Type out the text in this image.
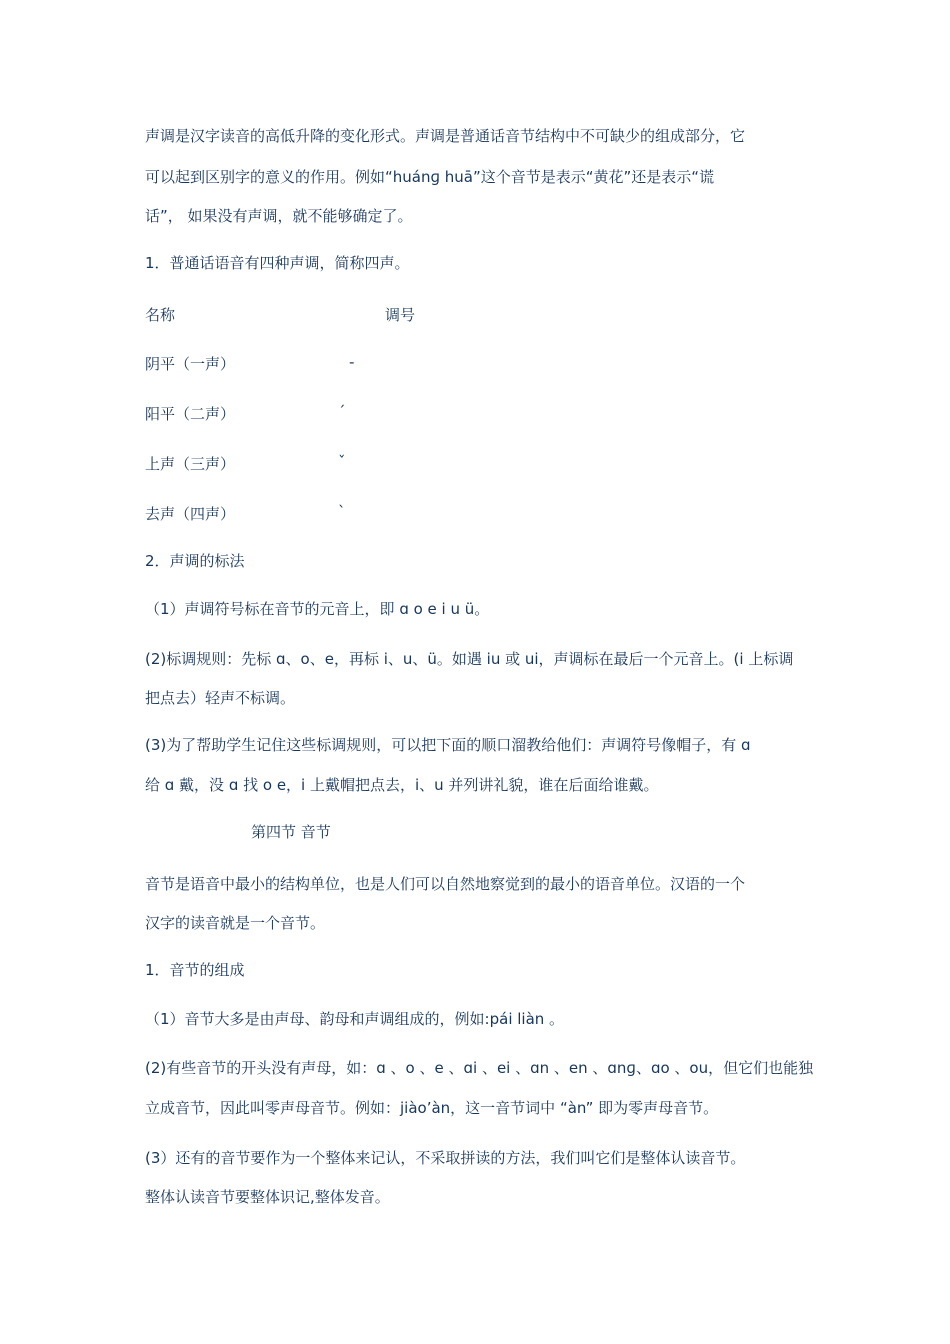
声调是汉字读音的高低升降的变化形式。声调是普通话音节结构中不可缺少的组成部分，它

可以起到区别字的意义的作用。例如“huánɡ huā”这个音节是表示“黄花”还是表示“谎

话”， 如果没有声调，就不能够确定了。

1．普通话语音有四种声调，简称四声。

名称	调号
阴平（一声）	-
阳平（二声）	ˊ
上声（三声）	ˇ
去声（四声）	ˋ

2．声调的标法

（1）声调符号标在音节的元音上，即 ɑ o e i u ü。

(2)标调规则：先标 ɑ、o、e，再标 i、u、ü。如遇 iu 或 ui，声调标在最后一个元音上。(i 上标调

把点去）轻声不标调。

(3)为了帮助学生记住这些标调规则，可以把下面的顺口溜教给他们：声调符号像帽子，有 ɑ

给 ɑ 戴，没 ɑ 找 o e，i 上戴帽把点去，i、u 并列讲礼貌，谁在后面给谁戴。

第四节 音节

音节是语音中最小的结构单位，也是人们可以自然地察觉到的最小的语音单位。汉语的一个

汉字的读音就是一个音节。

1．音节的组成

（1）音节大多是由声母、韵母和声调组成的，例如:pái liàn 。

(2)有些音节的开头没有声母，如：ɑ 、o 、e 、ɑi 、ei 、ɑn 、en 、ɑnɡ、ɑo 、ou，但它们也能独

立成音节，因此叫零声母音节。例如：jiào’àn，这一音节词中 “àn” 即为零声母音节。

(3）还有的音节要作为一个整体来记认，不采取拼读的方法，我们叫它们是整体认读音节。

整体认读音节要整体识记,整体发音。
